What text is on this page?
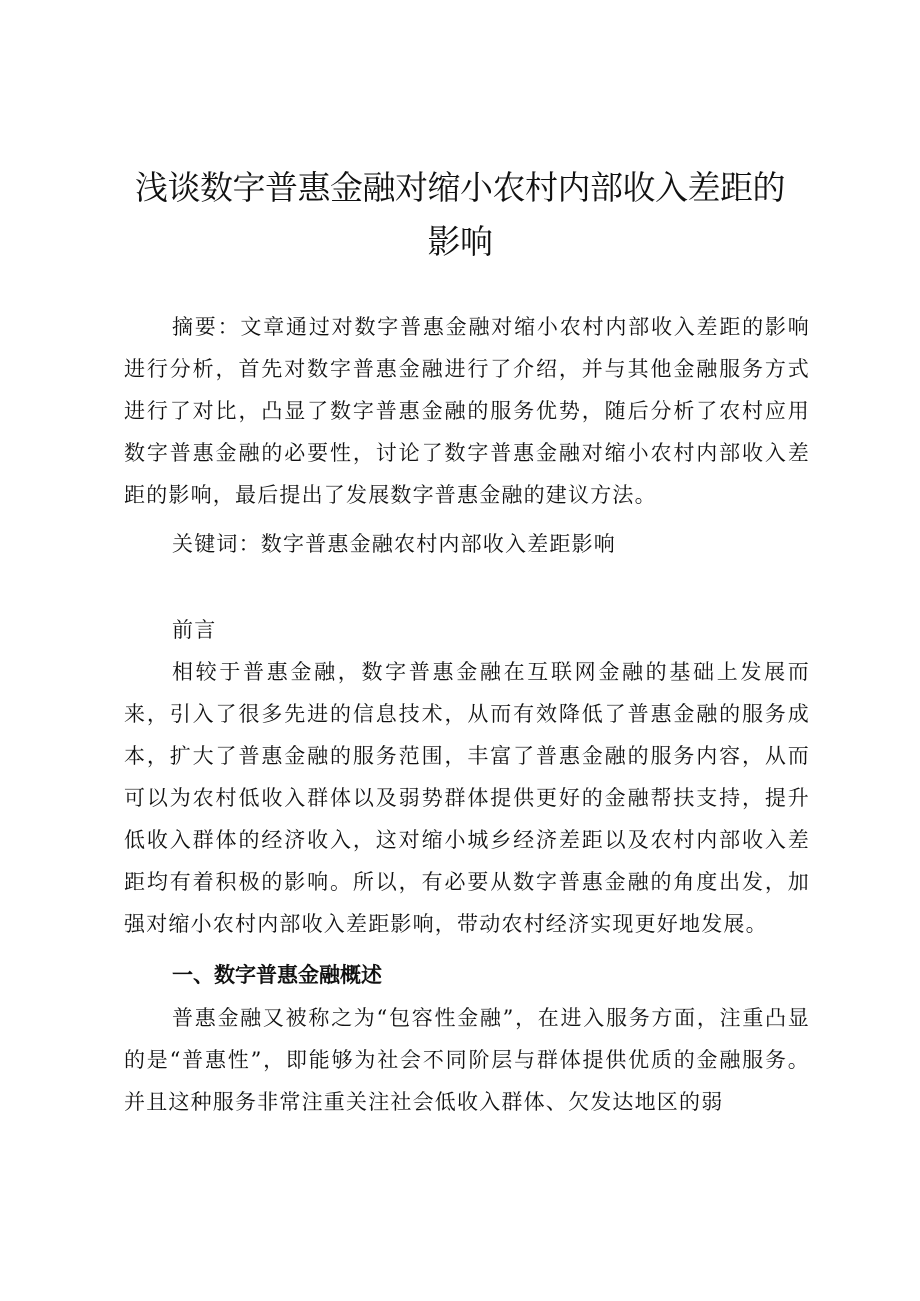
浅谈数字普惠金融对缩小农村内部收入差距的
影响
摘要：文章通过对数字普惠金融对缩小农村内部收入差距的影响进行分析，首先对数字普惠金融进行了介绍，并与其他金融服务方式进行了对比，凸显了数字普惠金融的服务优势，随后分析了农村应用数字普惠金融的必要性，讨论了数字普惠金融对缩小农村内部收入差距的影响，最后提出了发展数字普惠金融的建议方法。
关键词：数字普惠金融农村内部收入差距影响
前言
相较于普惠金融，数字普惠金融在互联网金融的基础上发展而来，引入了很多先进的信息技术，从而有效降低了普惠金融的服务成本，扩大了普惠金融的服务范围，丰富了普惠金融的服务内容，从而可以为农村低收入群体以及弱势群体提供更好的金融帮扶支持，提升低收入群体的经济收入，这对缩小城乡经济差距以及农村内部收入差距均有着积极的影响。所以，有必要从数字普惠金融的角度出发，加强对缩小农村内部收入差距影响，带动农村经济实现更好地发展。
一、数字普惠金融概述
普惠金融又被称之为“包容性金融”，在进入服务方面，注重凸显的是“普惠性”，即能够为社会不同阶层与群体提供优质的金融服务。并且这种服务非常注重关注社会低收入群体、欠发达地区的弱
